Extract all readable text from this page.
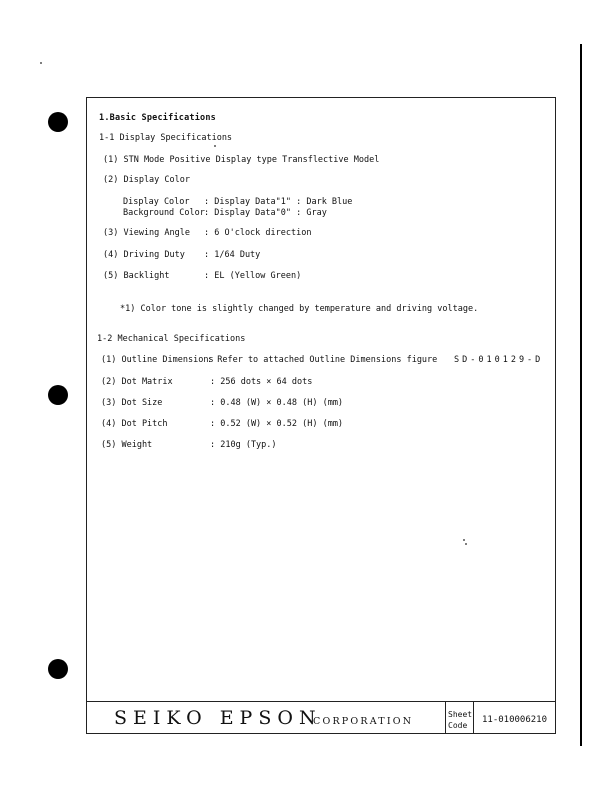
1.Basic Specifications
1-1 Display Specifications
(1) STN Mode Positive Display type Transflective Model
(2) Display Color
Display Color : Display Data"1" : Dark Blue
Background Color : Display Data"0" : Gray
(3) Viewing Angle : 6 O'clock direction
(4) Driving Duty : 1/64 Duty
(5) Backlight	: EL (Yellow Green)
*1) Color tone is slightly changed by temperature and driving voltage.
1-2 Mechanical Specifications
(1) Outline Dimensions
: Refer to attached Outline Dimensions figure SD-010129-D
(2) Dot Matrix	: 256 dots × 64 dots
(3) Dot Size	: 0.48 (W) × 0.48 (H) (mm)
(4) Dot Pitch	: 0.52 (W) × 0.52 (H) (mm)
(5) Weight	: 210g (Typ.)
SEIKO EPSON
CORPORATION
Sheet
Code
11-010006210
